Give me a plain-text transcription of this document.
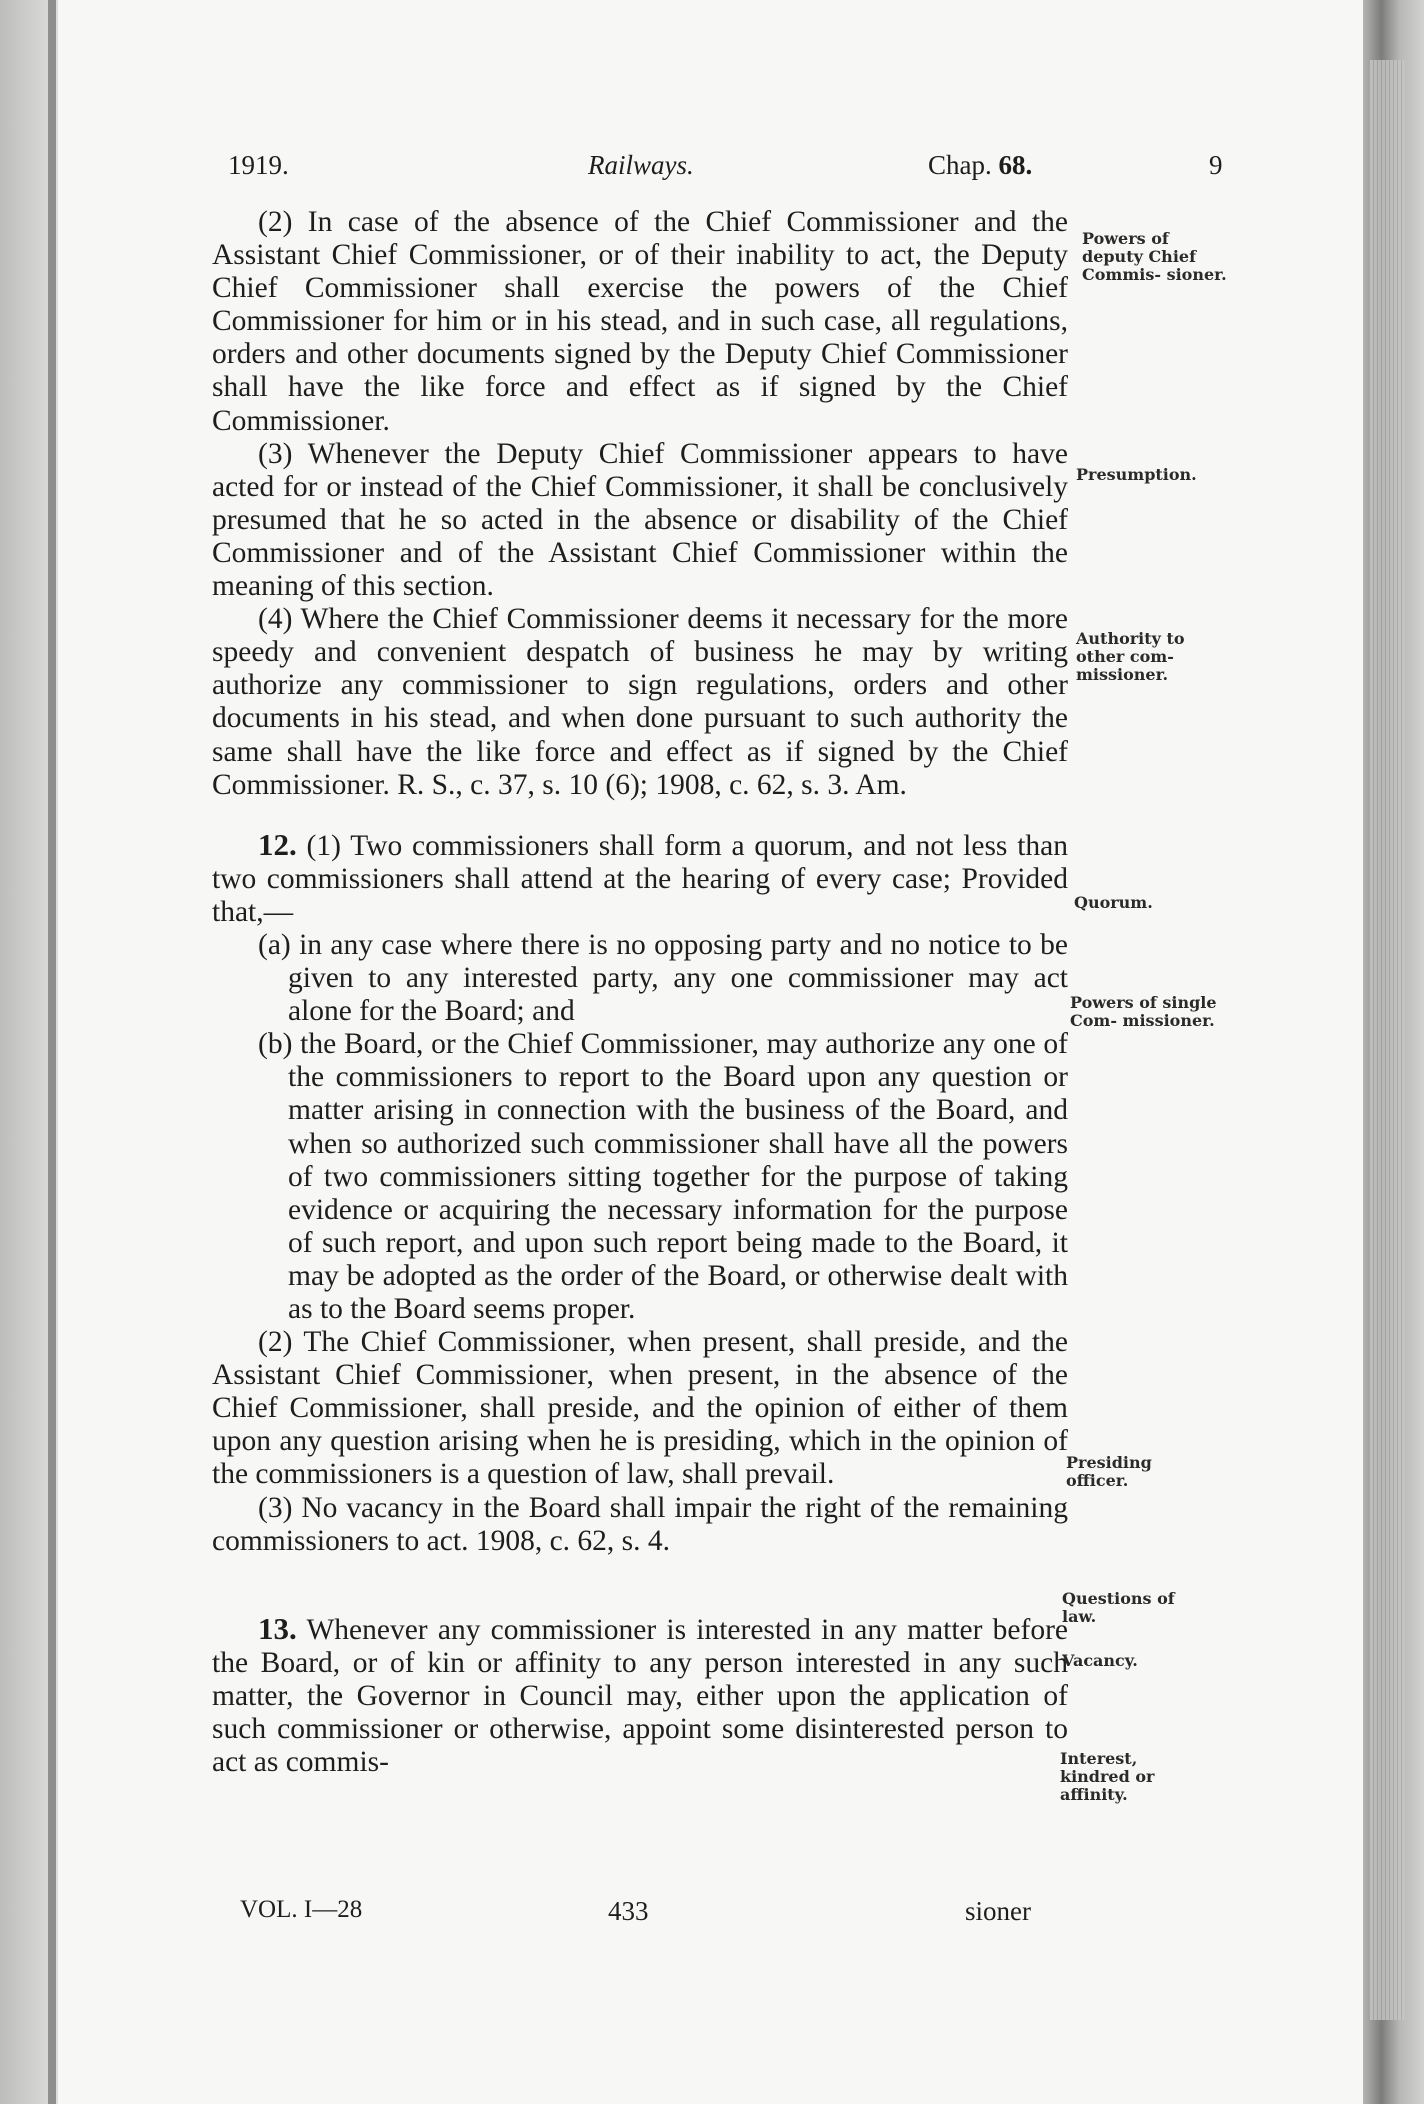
1919.	Railways.	Chap. 68.	9

(2) In case of the absence of the Chief Commissioner and the Assistant Chief Commissioner, or of their inability to act, the Deputy Chief Commissioner shall exercise the powers of the Chief Commissioner for him or in his stead, and in such case, all regulations, orders and other documents signed by the Deputy Chief Commissioner shall have the like force and effect as if signed by the Chief Commissioner.

(3) Whenever the Deputy Chief Commissioner appears to have acted for or instead of the Chief Commissioner, it shall be conclusively presumed that he so acted in the absence or disability of the Chief Commissioner and of the Assistant Chief Commissioner within the meaning of this section.

(4) Where the Chief Commissioner deems it necessary for the more speedy and convenient despatch of business he may by writing authorize any commissioner to sign regulations, orders and other documents in his stead, and when done pursuant to such authority the same shall have the like force and effect as if signed by the Chief Commissioner. R. S., c. 37, s. 10 (6); 1908, c. 62, s. 3. Am.

12. (1) Two commissioners shall form a quorum, and not less than two commissioners shall attend at the hearing of every case; Provided that,—

(a) in any case where there is no opposing party and no notice to be given to any interested party, any one commissioner may act alone for the Board; and

(b) the Board, or the Chief Commissioner, may authorize any one of the commissioners to report to the Board upon any question or matter arising in connection with the business of the Board, and when so authorized such commissioner shall have all the powers of two commissioners sitting together for the purpose of taking evidence or acquiring the necessary information for the purpose of such report, and upon such report being made to the Board, it may be adopted as the order of the Board, or otherwise dealt with as to the Board seems proper.

(2) The Chief Commissioner, when present, shall preside, and the Assistant Chief Commissioner, when present, in the absence of the Chief Commissioner, shall preside, and the opinion of either of them upon any question arising when he is presiding, which in the opinion of the commissioners is a question of law, shall prevail.

(3) No vacancy in the Board shall impair the right of the remaining commissioners to act. 1908, c. 62, s. 4.

13. Whenever any commissioner is interested in any matter before the Board, or of kin or affinity to any person interested in any such matter, the Governor in Council may, either upon the application of such commissioner or otherwise, appoint some disinterested person to act as commis-

Powers of deputy Chief Commis- sioner.
Presumption.
Authority to other com- missioner.
Quorum.
Powers of single Com- missioner.
Presiding officer.
Questions of law.
Vacancy.
Interest, kindred or affinity.
VOL. I—28	433	sioner
